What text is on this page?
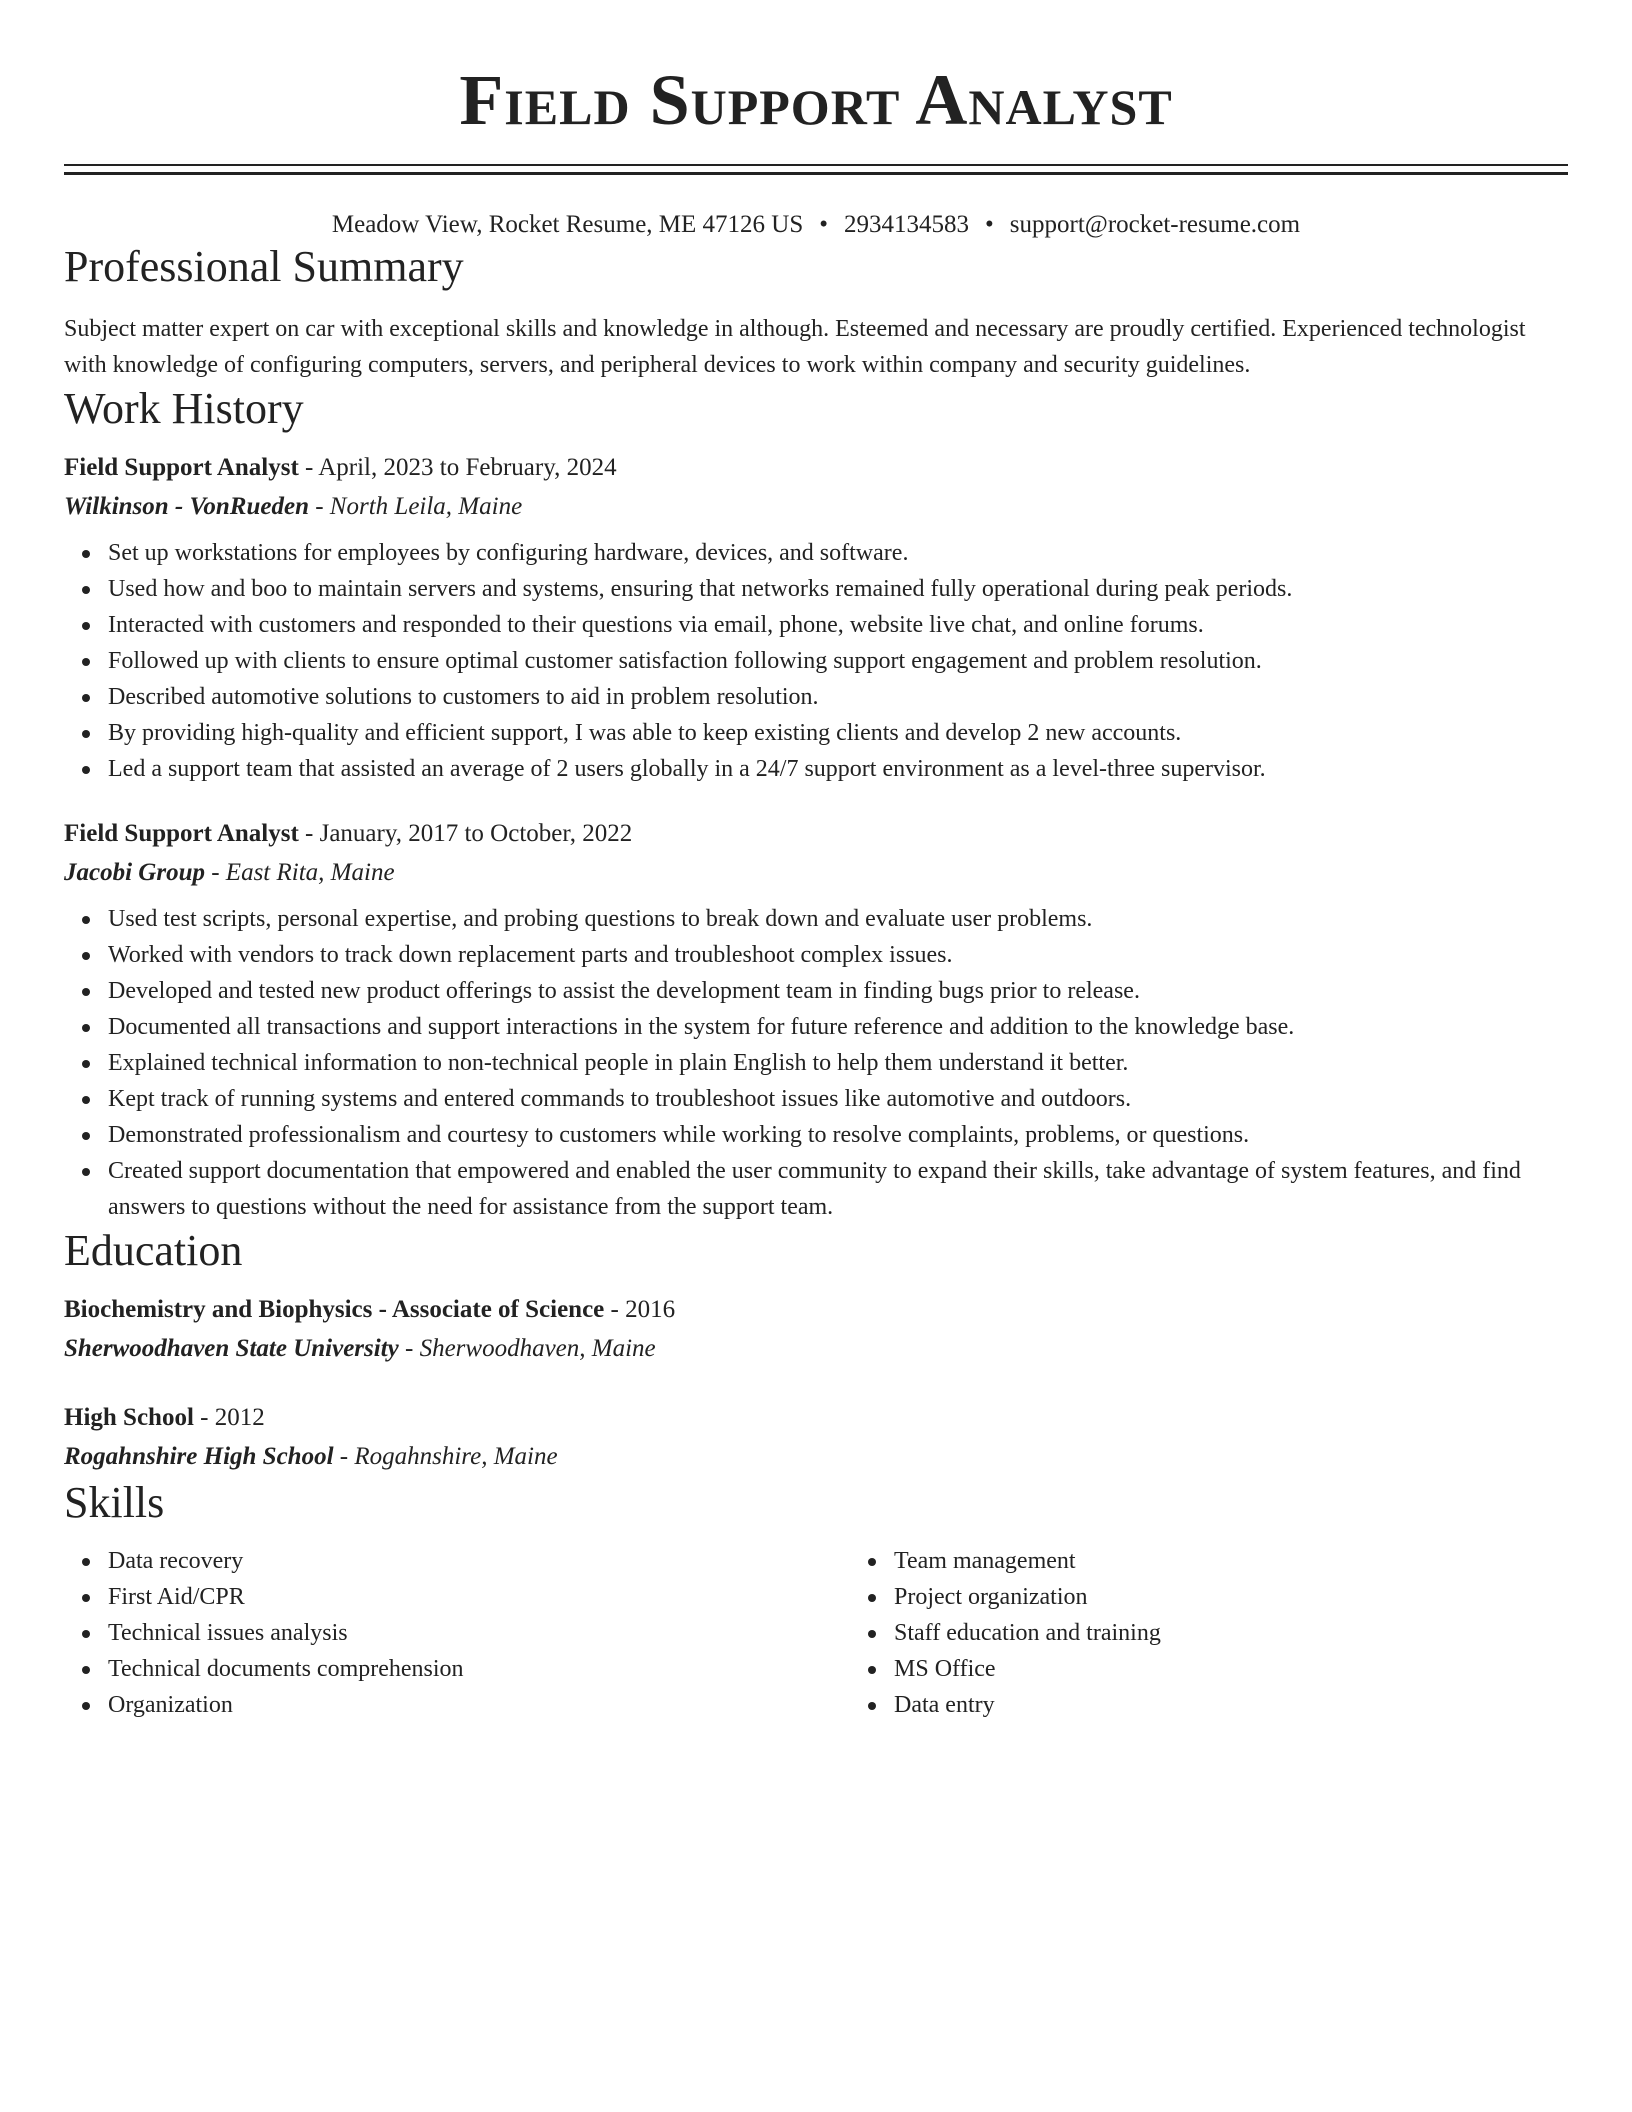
Field Support Analyst
Meadow View, Rocket Resume, ME 47126 US • 2934134583 • support@rocket-resume.com
Professional Summary
Subject matter expert on car with exceptional skills and knowledge in although. Esteemed and necessary are proudly certified. Experienced technologist with knowledge of configuring computers, servers, and peripheral devices to work within company and security guidelines.
Work History
Field Support Analyst - April, 2023 to February, 2024
Wilkinson - VonRueden - North Leila, Maine
Set up workstations for employees by configuring hardware, devices, and software.
Used how and boo to maintain servers and systems, ensuring that networks remained fully operational during peak periods.
Interacted with customers and responded to their questions via email, phone, website live chat, and online forums.
Followed up with clients to ensure optimal customer satisfaction following support engagement and problem resolution.
Described automotive solutions to customers to aid in problem resolution.
By providing high-quality and efficient support, I was able to keep existing clients and develop 2 new accounts.
Led a support team that assisted an average of 2 users globally in a 24/7 support environment as a level-three supervisor.
Field Support Analyst - January, 2017 to October, 2022
Jacobi Group - East Rita, Maine
Used test scripts, personal expertise, and probing questions to break down and evaluate user problems.
Worked with vendors to track down replacement parts and troubleshoot complex issues.
Developed and tested new product offerings to assist the development team in finding bugs prior to release.
Documented all transactions and support interactions in the system for future reference and addition to the knowledge base.
Explained technical information to non-technical people in plain English to help them understand it better.
Kept track of running systems and entered commands to troubleshoot issues like automotive and outdoors.
Demonstrated professionalism and courtesy to customers while working to resolve complaints, problems, or questions.
Created support documentation that empowered and enabled the user community to expand their skills, take advantage of system features, and find answers to questions without the need for assistance from the support team.
Education
Biochemistry and Biophysics - Associate of Science - 2016
Sherwoodhaven State University - Sherwoodhaven, Maine
High School - 2012
Rogahnshire High School - Rogahnshire, Maine
Skills
Data recovery
First Aid/CPR
Technical issues analysis
Technical documents comprehension
Organization
Team management
Project organization
Staff education and training
MS Office
Data entry
